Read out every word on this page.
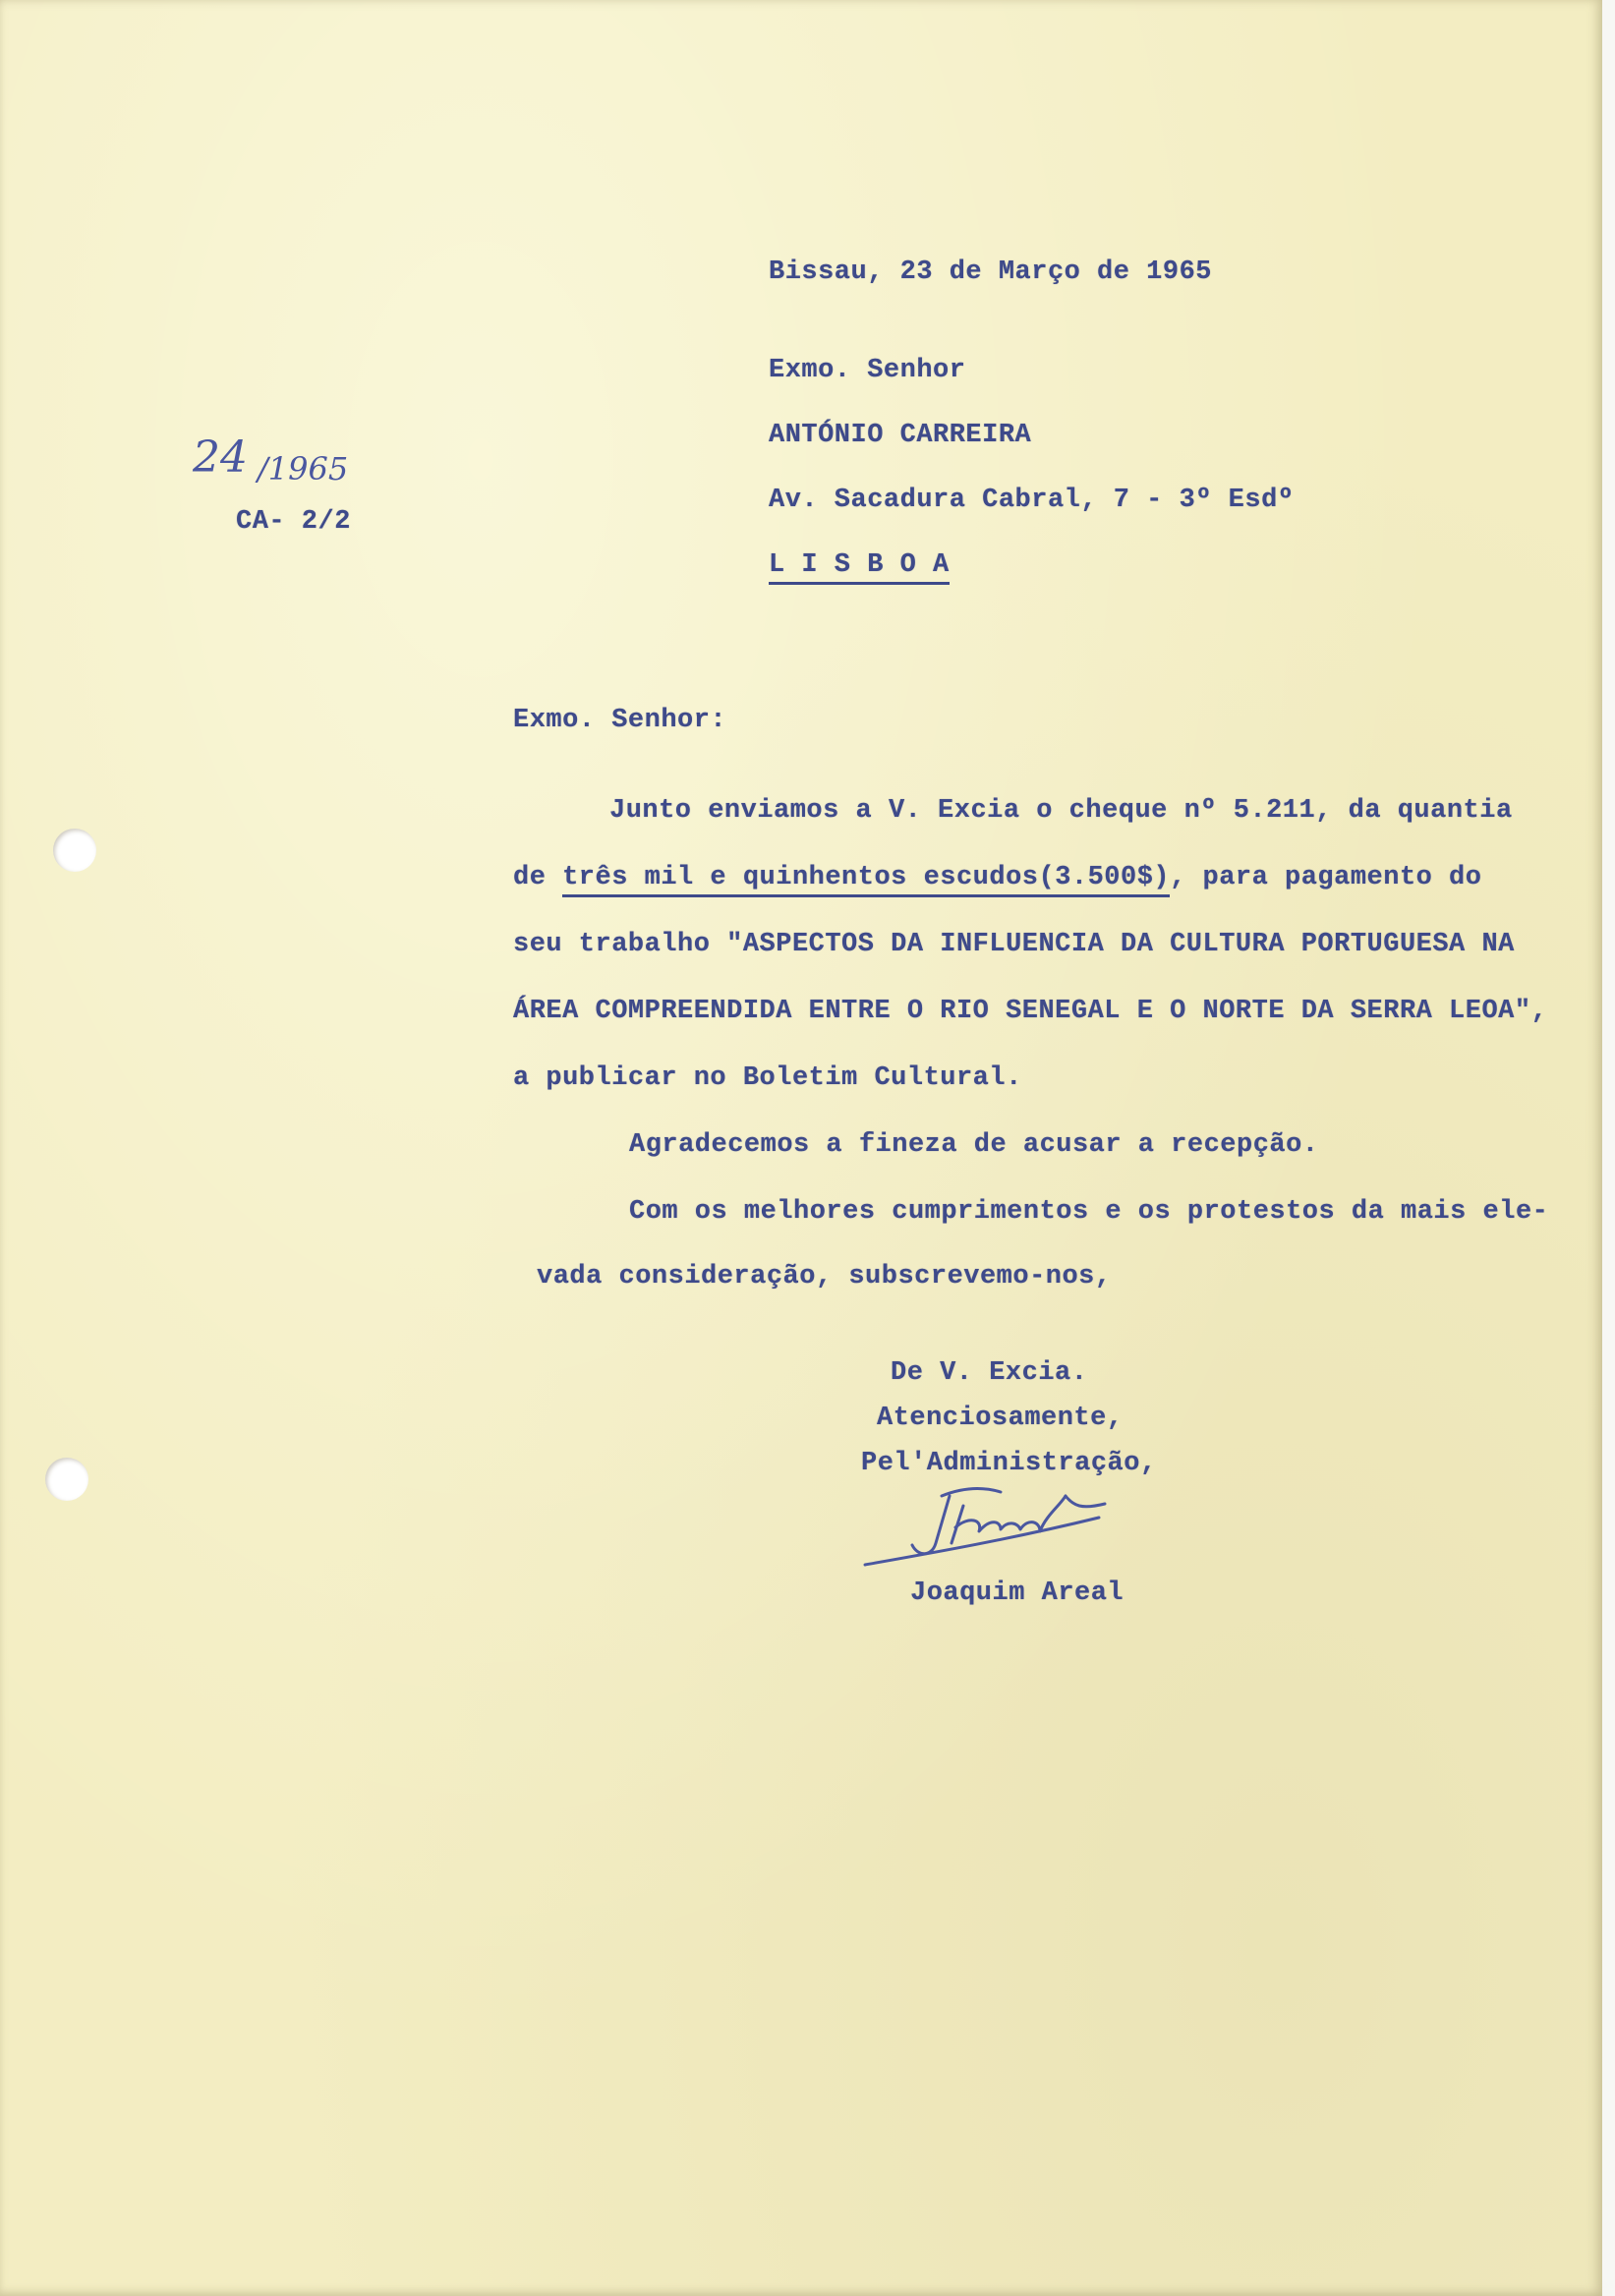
24 /1965
CA- 2/2
Bissau, 23 de Março de 1965
Exmo. Senhor
ANTÓNIO CARREIRA
Av. Sacadura Cabral, 7 - 3º Esdº
L I S B O A
Exmo. Senhor:
Junto enviamos a V. Excia o cheque nº 5.211, da quantia
de três mil e quinhentos escudos(3.500$), para pagamento do
seu trabalho "ASPECTOS DA INFLUENCIA DA CULTURA PORTUGUESA NA
ÁREA COMPREENDIDA ENTRE O RIO SENEGAL E O NORTE DA SERRA LEOA",
a publicar no Boletim Cultural.
Agradecemos a fineza de acusar a recepção.
Com os melhores cumprimentos e os protestos da mais ele-
vada consideração, subscrevemo-nos,
De V. Excia.
Atenciosamente,
Pel'Administração,
Joaquim Areal
